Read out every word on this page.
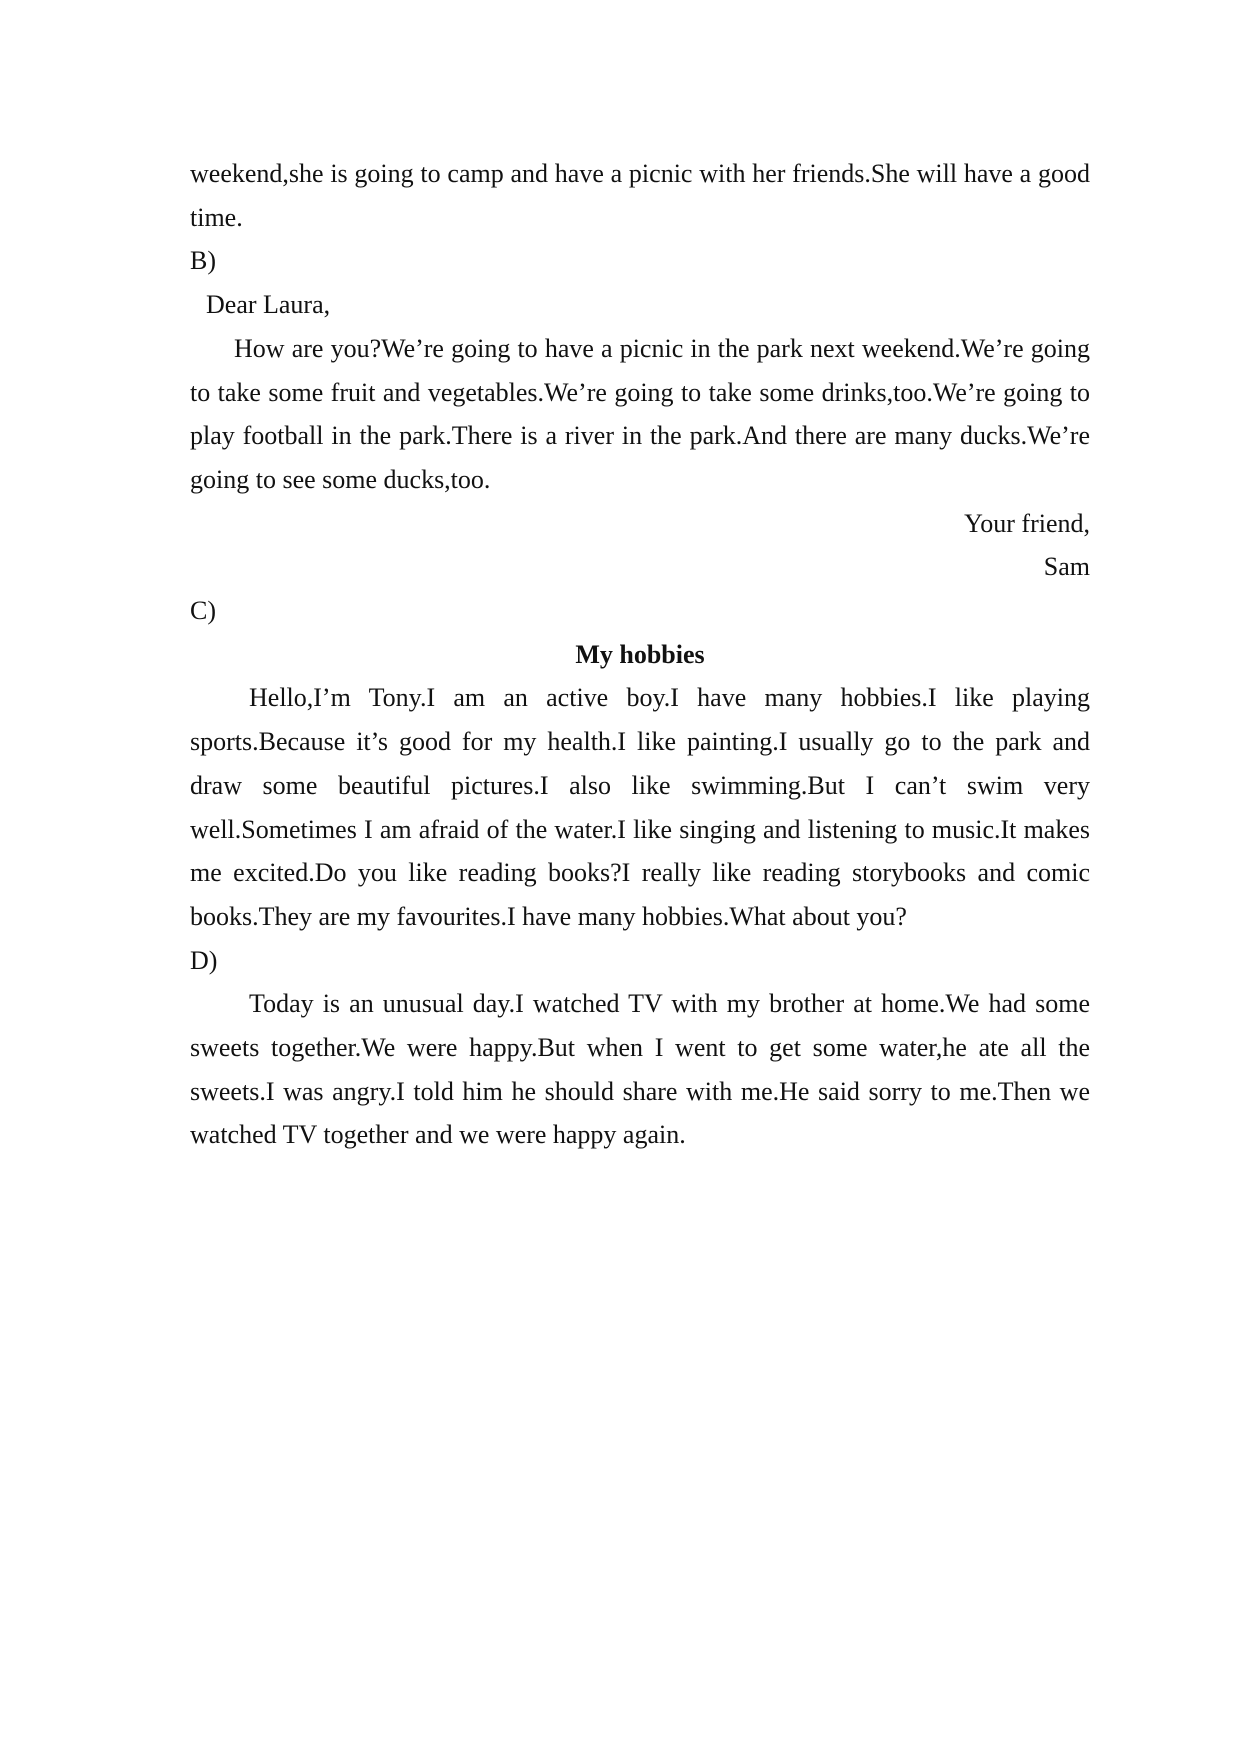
weekend,she is going to camp and have a picnic with her friends.She will have a good time.

B)

Dear Laura,

How are you?We’re going to have a picnic in the park next weekend.We’re going to take some fruit and vegetables.We’re going to take some drinks,too.We’re going to play football in the park.There is a river in the park.And there are many ducks.We’re going to see some ducks,too.

Your friend,

Sam

C)

My hobbies

Hello,I’m Tony.I am an active boy.I have many hobbies.I like playing sports.Because it’s good for my health.I like painting.I usually go to the park and draw some beautiful pictures.I also like swimming.But I can’t swim very well.Sometimes I am afraid of the water.I like singing and listening to music.It makes me excited.Do you like reading books?I really like reading storybooks and comic books.They are my favourites.I have many hobbies.What about you?

D)

Today is an unusual day.I watched TV with my brother at home.We had some sweets together.We were happy.But when I went to get some water,he ate all the sweets.I was angry.I told him he should share with me.He said sorry to me.Then we watched TV together and we were happy again.
